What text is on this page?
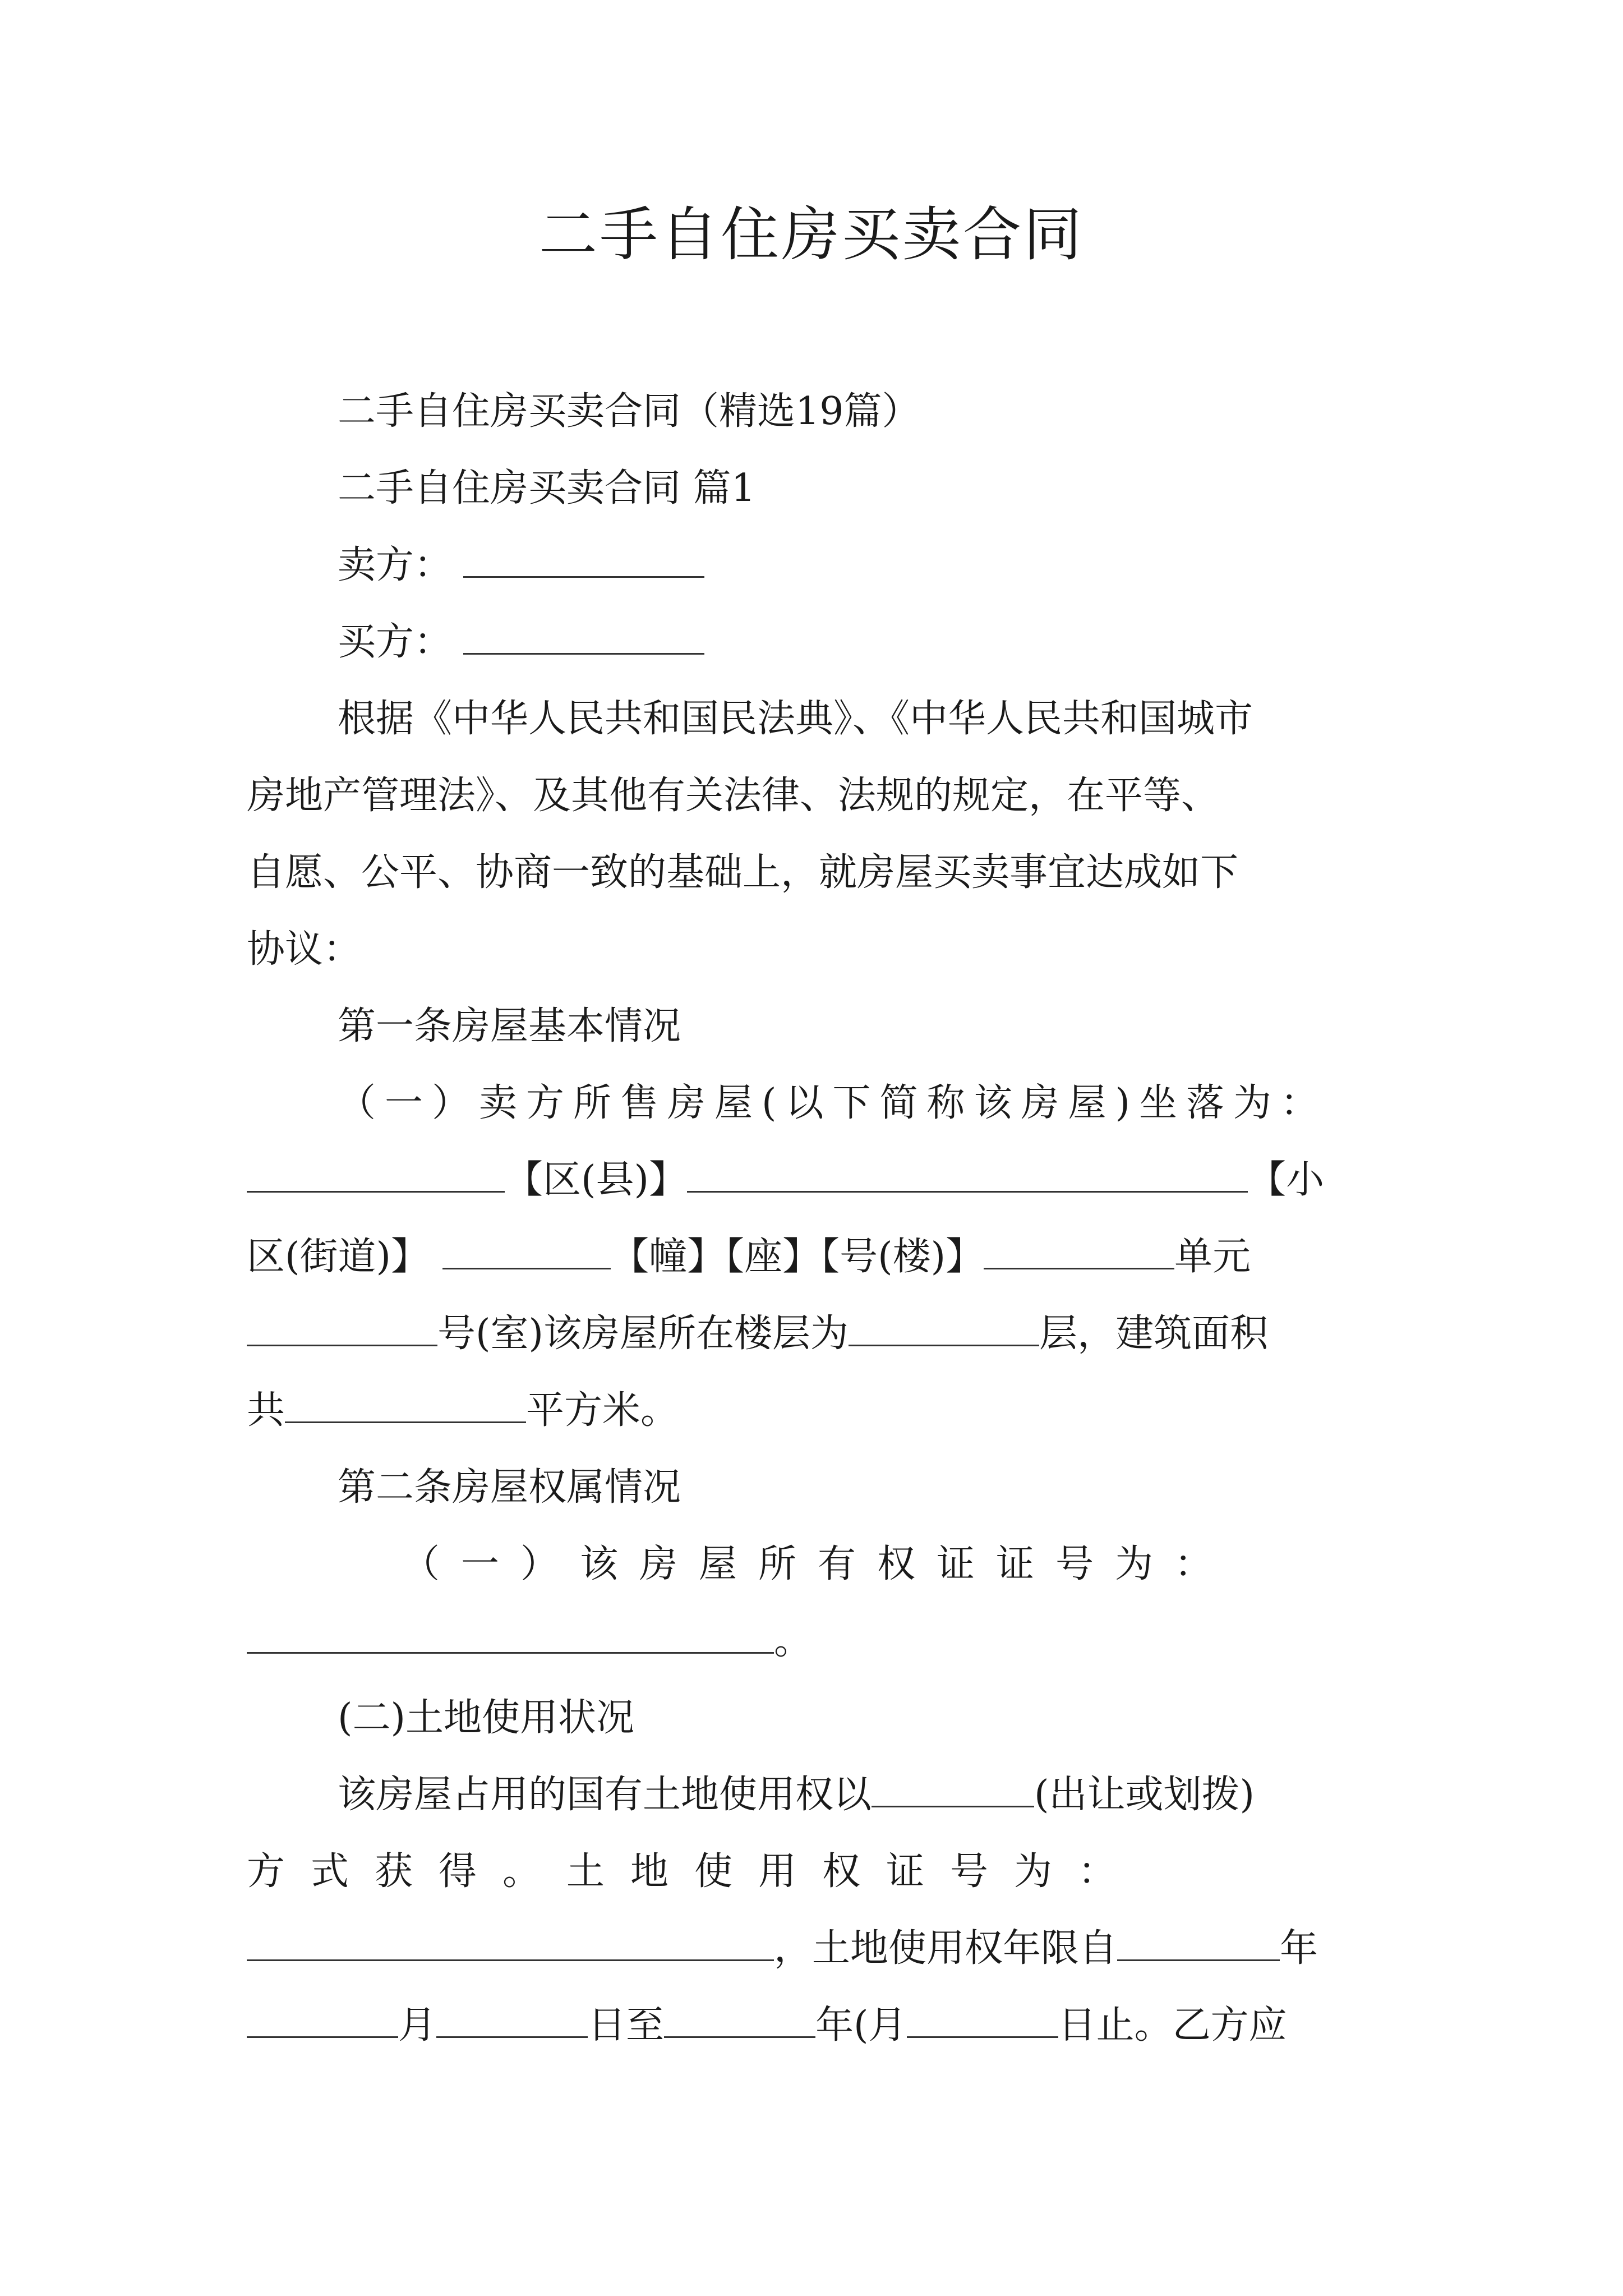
二手自住房买卖合同

二手自住房买卖合同（精选19篇）

二手自住房买卖合同 篇1

卖方：

买方：

根据《中华人民共和国民法典》、《中华人民共和国城市

房地产管理法》、及其他有关法律、法规的规定，在平等、

自愿、公平、协商一致的基础上，就房屋买卖事宜达成如下

协议：

第一条房屋基本情况

（一）卖方所售房屋(以下简称该房屋)坐落为：

【区(县)】	【小

区(街道)】	【幢】【座】【号(楼)】	单元

号(室)该房屋所在楼层为	层，建筑面积

共	平方米。

第二条房屋权属情况

（一）该房屋所有权证证号为：

。

(二)土地使用状况

该房屋占用的国有土地使用权以	(出让或划拨)

方式获得。土地使用权证号为：

，土地使用权年限自	年

月	日至	年(月	日止。乙方应
